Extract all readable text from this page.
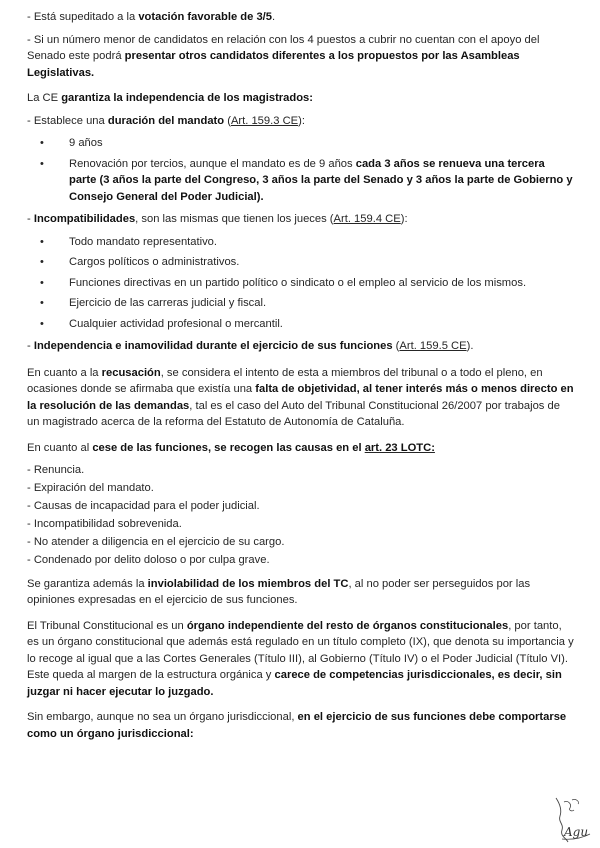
- Está supeditado a la votación favorable de 3/5.

- Si un número menor de candidatos en relación con los 4 puestos a cubrir no cuentan con el apoyo del Senado este podrá presentar otros candidatos diferentes a los propuestos por las Asambleas Legislativas.

La CE garantiza la independencia de los magistrados:

- Establece una duración del mandato (Art. 159.3 CE):

• 9 años
• Renovación por tercios, aunque el mandato es de 9 años cada 3 años se renueva una tercera parte (3 años la parte del Congreso, 3 años la parte del Senado y 3 años la parte de Gobierno y Consejo General del Poder Judicial).

- Incompatibilidades, son las mismas que tienen los jueces (Art. 159.4 CE):

• Todo mandato representativo.
• Cargos políticos o administrativos.
• Funciones directivas en un partido político o sindicato o el empleo al servicio de los mismos.
• Ejercicio de las carreras judicial y fiscal.
• Cualquier actividad profesional o mercantil.

- Independencia e inamovilidad durante el ejercicio de sus funciones (Art. 159.5 CE).

En cuanto a la recusación, se considera el intento de esta a miembros del tribunal o a todo el pleno, en ocasiones donde se afirmaba que existía una falta de objetividad, al tener interés más o menos directo en la resolución de las demandas, tal es el caso del Auto del Tribunal Constitucional 26/2007 por trabajos de un magistrado acerca de la reforma del Estatuto de Autonomía de Cataluña.

En cuanto al cese de las funciones, se recogen las causas en el art. 23 LOTC:

- Renuncia.

- Expiración del mandato.

- Causas de incapacidad para el poder judicial.

- Incompatibilidad sobrevenida.

- No atender a diligencia en el ejercicio de su cargo.

- Condenado por delito doloso o por culpa grave.

Se garantiza además la inviolabilidad de los miembros del TC, al no poder ser perseguidos por las opiniones expresadas en el ejercicio de sus funciones.

El Tribunal Constitucional es un órgano independiente del resto de órganos constitucionales, por tanto, es un órgano constitucional que además está regulado en un título completo (IX), que denota su importancia y lo recoge al igual que a las Cortes Generales (Título III), al Gobierno (Título IV) o el Poder Judicial (Título VI).

Este queda al margen de la estructura orgánica y carece de competencias jurisdiccionales, es decir, sin juzgar ni hacer ejecutar lo juzgado.

Sin embargo, aunque no sea un órgano jurisdiccional, en el ejercicio de sus funciones debe comportarse como un órgano jurisdiccional:

Agu
